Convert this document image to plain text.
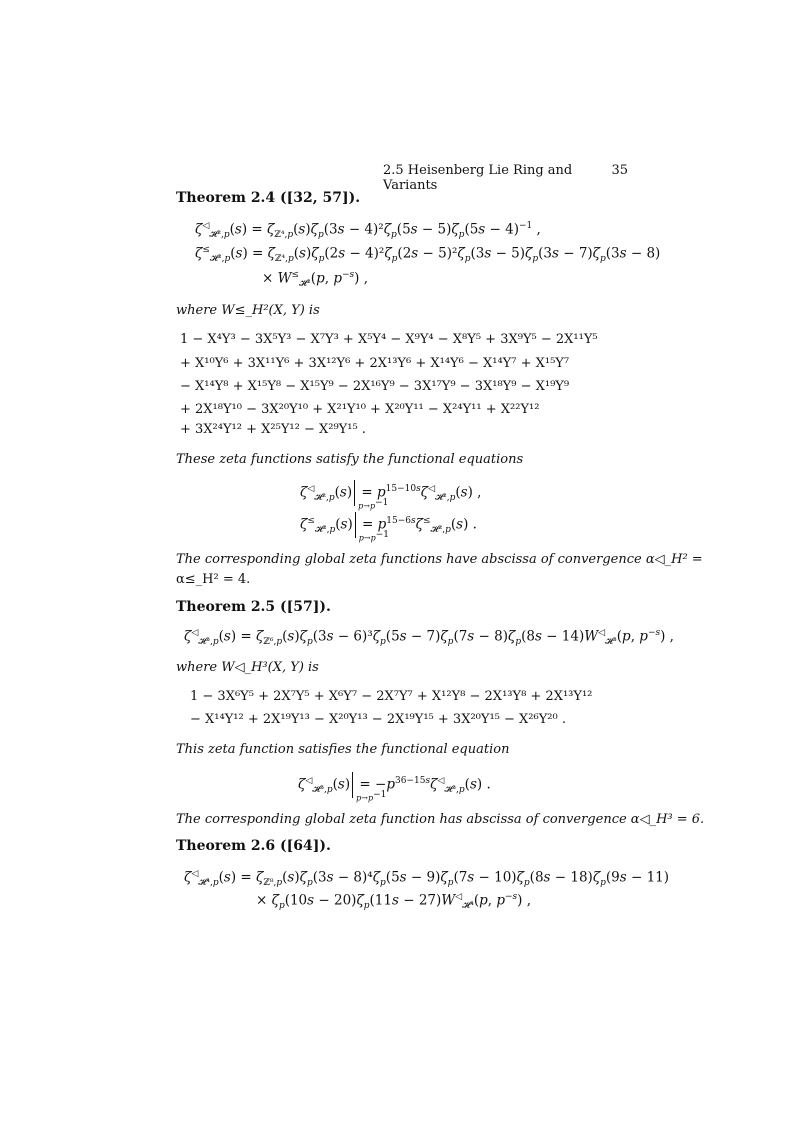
2.5 Heisenberg Lie Ring and Variants
35
Theorem 2.4 ([32, 57]).
$\zeta^◁_{𝓗^2,p}(s) = \zeta_{ℤ^4,p}(s)\zeta_p(3s - 4)^2\zeta_p(5s - 5)\zeta_p(5s - 4)^{-1}$ ,
$\zeta^\le_{𝓗^2,p}(s) = \zeta_{ℤ^4,p}(s)\zeta_p(2s - 4)^2\zeta_p(2s - 5)^2\zeta_p(3s - 5)\zeta_p(3s - 7)\zeta_p(3s - 8)$
× $W^\le_{𝓗^2}(p$, $p^{-s}$) ,
where W≤_H²(X, Y) is
1 − X⁴Y³ − 3X⁵Y³ − X⁷Y³ + X⁵Y⁴ − X⁹Y⁴ − X⁸Y⁵ + 3X⁹Y⁵ − 2X¹¹Y⁵
+ X¹⁰Y⁶ + 3X¹¹Y⁶ + 3X¹²Y⁶ + 2X¹³Y⁶ + X¹⁴Y⁶ − X¹⁴Y⁷ + X¹⁵Y⁷
− X¹⁴Y⁸ + X¹⁵Y⁸ − X¹⁵Y⁹ − 2X¹⁶Y⁹ − 3X¹⁷Y⁹ − 3X¹⁸Y⁹ − X¹⁹Y⁹
+ 2X¹⁸Y¹⁰ − 3X²⁰Y¹⁰ + X²¹Y¹⁰ + X²⁰Y¹¹ − X²⁴Y¹¹ + X²²Y¹²
+ 3X²⁴Y¹² + X²⁵Y¹² − X²⁹Y¹⁵ .
These zeta functions satisfy the functional equations
$\zeta^◁_{𝓗^2,p}(s)$
$p\to p^{-1}$
= $p^{15-10s}\zeta^◁_{𝓗^2,p}(s)$ ,
$\zeta^\le_{𝓗^2,p}(s)$
$p\to p^{-1}$
= $p^{15-6s}\zeta^\le_{𝓗^2,p}(s)$ .
The corresponding global zeta functions have abscissa of convergence α◁_H² =
α≤_H² = 4.
Theorem 2.5 ([57]).
$\zeta^◁_{𝓗^3,p}(s) = \zeta_{ℤ^6,p}(s)\zeta_p(3s - 6)^3\zeta_p(5s - 7)\zeta_p(7s - 8)\zeta_p(8s - 14)W^◁_{𝓗^3}(p$, $p^{-s}$) ,
where W◁_H³(X, Y) is
1 − 3X⁶Y⁵ + 2X⁷Y⁵ + X⁶Y⁷ − 2X⁷Y⁷ + X¹²Y⁸ − 2X¹³Y⁸ + 2X¹³Y¹²
− X¹⁴Y¹² + 2X¹⁹Y¹³ − X²⁰Y¹³ − 2X¹⁹Y¹⁵ + 3X²⁰Y¹⁵ − X²⁶Y²⁰ .
This zeta function satisfies the functional equation
$\zeta^◁_{𝓗^3,p}(s)$
$p\to p^{-1}$
= $-p^{36-15s}\zeta^◁_{𝓗^3,p}(s)$ .
The corresponding global zeta function has abscissa of convergence α◁_H³ = 6.
Theorem 2.6 ([64]).
$\zeta^◁_{𝓗^4,p}(s) = \zeta_{ℤ^8,p}(s)\zeta_p(3s - 8)^4\zeta_p(5s - 9)\zeta_p(7s - 10)\zeta_p(8s - 18)\zeta_p(9s - 11)$
× $\zeta_p(10s - 20)\zeta_p(11s - 27)W^◁_{𝓗^4}(p$, $p^{-s}$) ,
